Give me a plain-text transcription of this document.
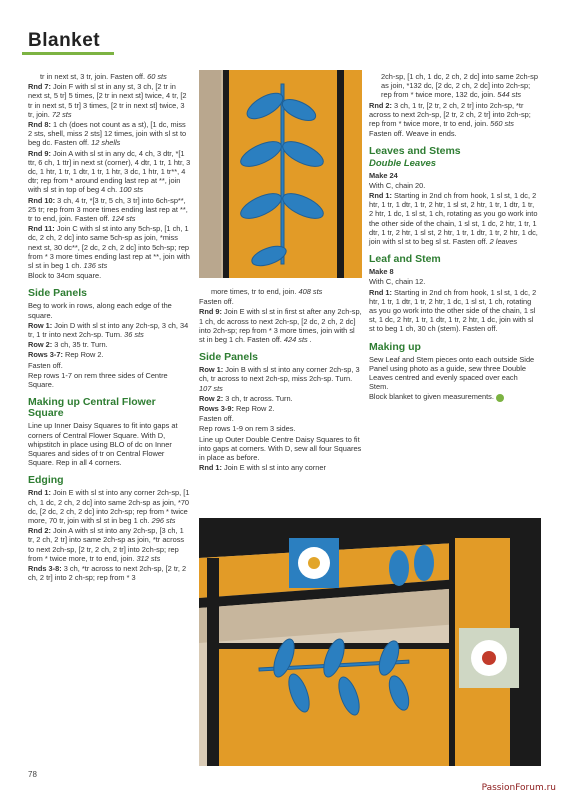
Blanket

tr in next st, 3 tr, join. Fasten off. 60 sts

Rnd 7: Join F with sl st in any st, 3 ch, [2 tr in next st, 5 tr] 5 times, [2 tr in next st] twice, 4 tr, [2 tr in next st, 5 tr] 3 times, [2 tr in next st] twice, 3 tr, join. 72 sts

Rnd 8: 1 ch (does not count as a st), [1 dc, miss 2 sts, shell, miss 2 sts] 12 times, join with sl st to beg dc. Fasten off. 12 shells

Rnd 9: Join A with sl st in any dc, 4 ch, 3 dtr, *[1 ttr, 6 ch, 1 ttr] in next st (corner), 4 dtr, 1 tr, 1 htr, 3 dc, 1 htr, 1 tr, 1 dtr, 1 tr, 1 htr, 3 dc, 1 htr, 1 tr**, 4 dtr; rep from * around ending last rep at **, join with sl st in top of beg 4 ch. 100 sts

Rnd 10: 3 ch, 4 tr, *[3 tr, 5 ch, 3 tr] into 6ch-sp**, 25 tr; rep from 3 more times ending last rep at **, tr to end, join. Fasten off. 124 sts

Rnd 11: Join C with sl st into any 5ch-sp, [1 ch, 1 dc, 2 ch, 2 dc] into same 5ch-sp as join, *miss next st, 30 dc**, [2 dc, 2 ch, 2 dc] into 5ch-sp; rep from * 3 more times ending last rep at **, join with sl st in beg 1 ch. 136 sts

Block to 34cm square.

Side Panels

Beg to work in rows, along each edge of the square.

Row 1: Join D with sl st into any 2ch-sp, 3 ch, 34 tr, 1 tr into next 2ch-sp. Turn. 36 sts

Row 2: 3 ch, 35 tr. Turn.

Rows 3-7: Rep Row 2.

Fasten off.

Rep rows 1-7 on rem three sides of Centre Square.

Making up Central Flower Square

Line up Inner Daisy Squares to fit into gaps at corners of Central Flower Square. With D, whipstitch in place using BLO of dc on Inner Squares and sides of tr on Central Flower Square. Rep in all 4 corners.

Edging

Rnd 1: Join E with sl st into any corner 2ch-sp, [1 ch, 1 dc, 2 ch, 2 dc] into same 2ch-sp as join, *70 dc, [2 dc, 2 ch, 2 dc] into 2ch-sp; rep from * twice more, 70 tr, join with sl st in beg 1 ch. 296 sts

Rnd 2: Join A with sl st into any 2ch-sp, [3 ch, 1 tr, 2 ch, 2 tr] into same 2ch-sp as join, *tr across to next 2ch-sp, [2 tr, 2 ch, 2 tr] into 2ch-sp; rep from * twice more, tr to end, join. 312 sts

Rnds 3-8: 3 ch, *tr across to next 2ch-sp, [2 tr, 2 ch, 2 tr] into 2 ch-sp; rep from * 3

more times, tr to end, join. 408 sts

Fasten off.

Rnd 9: Join E with sl st in first st after any 2ch-sp, 1 ch, dc across to next 2ch-sp, [2 dc, 2 ch, 2 dc] into 2ch-sp; rep from * 3 more times, join with sl st in beg 1 ch. Fasten off. 424 sts .

Side Panels

Row 1: Join B with sl st into any corner 2ch-sp, 3 ch, tr across to next 2ch-sp, miss 2ch-sp. Turn. 107 sts

Row 2: 3 ch, tr across. Turn.

Rows 3-9: Rep Row 2.

Fasten off.

Rep rows 1-9 on rem 3 sides.

Line up Outer Double Centre Daisy Squares to fit into gaps at corners. With D, sew all four Squares in place as before.

Rnd 1: Join E with sl st into any corner

2ch-sp, [1 ch, 1 dc, 2 ch, 2 dc] into same 2ch-sp as join, *132 dc, [2 dc, 2 ch, 2 dc] into 2ch-sp; rep from * twice more, 132 dc, join. 544 sts

Rnd 2: 3 ch, 1 tr, [2 tr, 2 ch, 2 tr] into 2ch-sp, *tr across to next 2ch-sp, [2 tr, 2 ch, 2 tr] into 2ch-sp; rep from * twice more, tr to end, join. 560 sts

Fasten off. Weave in ends.

Leaves and Stems
Double Leaves

Make 24

With C, chain 20.

Rnd 1: Starting in 2nd ch from hook, 1 sl st, 1 dc, 2 htr, 1 tr, 1 dtr, 1 tr, 2 htr, 1 sl st, 2 htr, 1 tr, 1 dtr, 1 tr, 2 htr, 1 dc, 1 sl st, 1 ch, rotating as you go work into the other side of the chain, 1 sl st, 1 dc, 2 htr, 1 tr, 1 dtr, 1 tr, 2 htr, 1 sl st, 2 htr, 1 tr, 1 dtr, 1 tr, 2 htr, 1 dc, join with sl st to beg sl st. Fasten off. 2 leaves

Leaf and Stem

Make 8

With C, chain 12.

Rnd 1: Starting in 2nd ch from hook, 1 sl st, 1 dc, 2 htr, 1 tr, 1 dtr, 1 tr, 2 htr, 1 dc, 1 sl st, 1 ch, rotating as you go work into the other side of the chain, 1 sl st, 1 dc, 2 htr, 1 tr, 1 dtr, 1 tr, 2 htr, 1 dc, join with sl st to beg 1 ch, 30 ch (stem). Fasten off.

Making up

Sew Leaf and Stem pieces onto each outside Side Panel using photo as a guide, sew three Double Leaves centred and evenly spaced over each Stem.

Block blanket to given measurements.

78
PassionForum.ru
